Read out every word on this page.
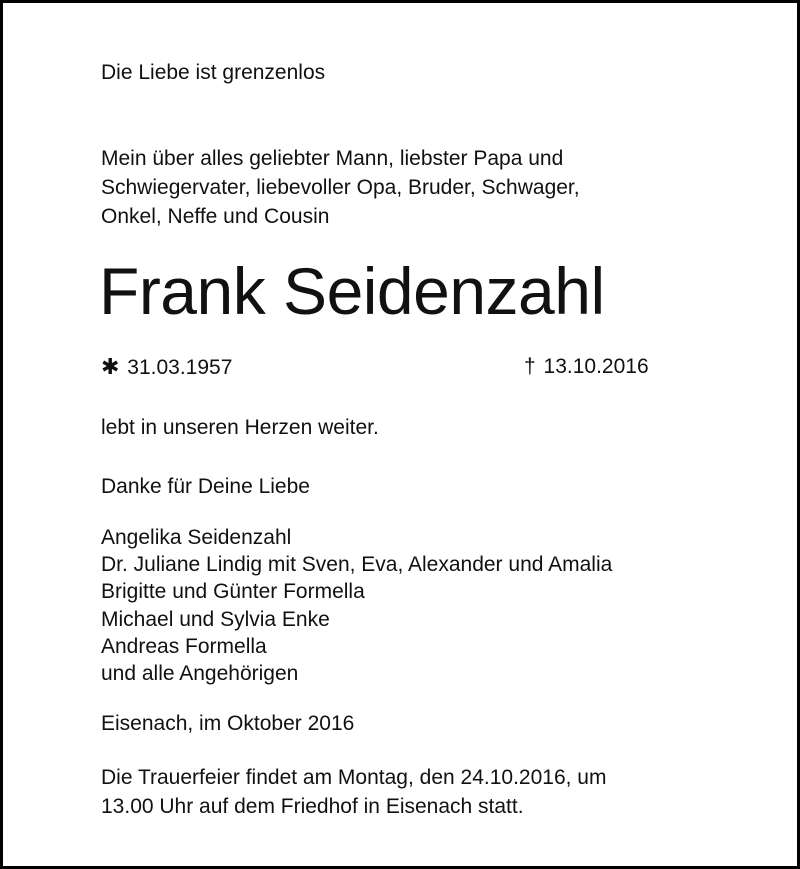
Die Liebe ist grenzenlos
Mein über alles geliebter Mann, liebster Papa und
Schwiegervater, liebevoller Opa, Bruder, Schwager,
Onkel, Neffe und Cousin
Frank Seidenzahl
✱ 31.03.1957	† 13.10.2016
lebt in unseren Herzen weiter.
Danke für Deine Liebe
Angelika Seidenzahl
Dr. Juliane Lindig mit Sven, Eva, Alexander und Amalia
Brigitte und Günter Formella
Michael und Sylvia Enke
Andreas Formella
und alle Angehörigen
Eisenach, im Oktober 2016
Die Trauerfeier findet am Montag, den 24.10.2016, um
13.00 Uhr auf dem Friedhof in Eisenach statt.
